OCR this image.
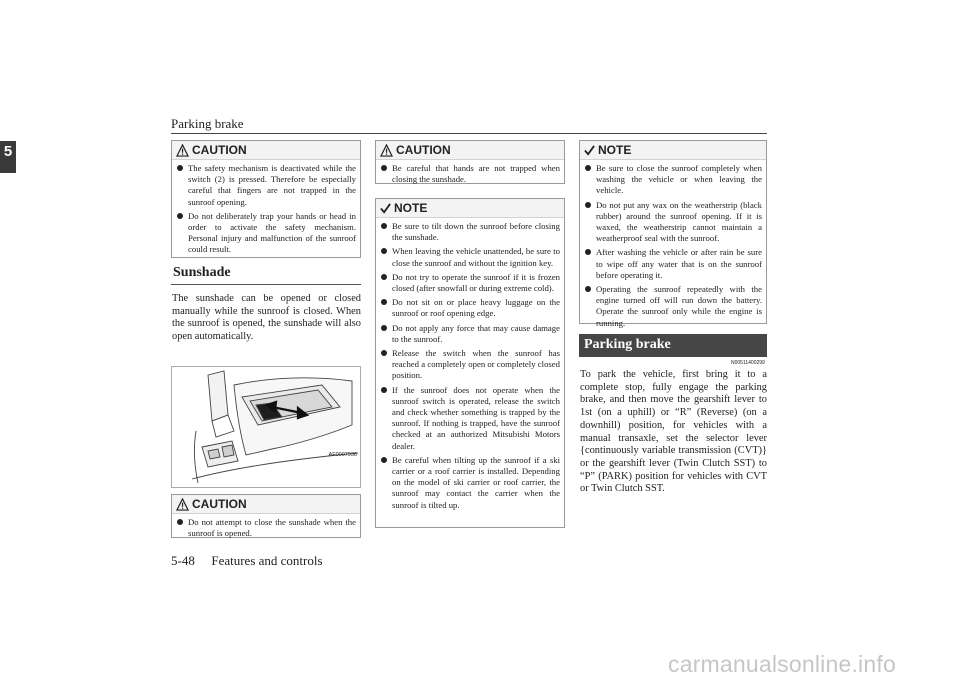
Parking brake
5	CAUTION
The safety mechanism is deactivated while the switch (2) is pressed. Therefore be especially careful that fingers are not trapped in the sunroof opening.
Do not deliberately trap your hands or head in order to activate the safety mechanism. Personal injury and malfunction of the sunroof could result.
Sunshade
The sunshade can be opened or closed manually while the sunroof is closed. When the sunroof is opened, the sunshade will also open automatically.
AF0007936
CAUTION
Do not attempt to close the sunshade when the sunroof is opened.
CAUTION
Be careful that hands are not trapped when closing the sunshade.
NOTE
Be sure to tilt down the sunroof before closing the sunshade.
When leaving the vehicle unattended, be sure to close the sunroof and without the ignition key.
Do not try to operate the sunroof if it is frozen closed (after snowfall or during extreme cold).
Do not sit on or place heavy luggage on the sunroof or roof opening edge.
Do not apply any force that may cause damage to the sunroof.
Release the switch when the sunroof has reached a completely open or completely closed position.
If the sunroof does not operate when the sunroof switch is operated, release the switch and check whether something is trapped by the sunroof. If nothing is trapped, have the sunroof checked at an authorized Mitsubishi Motors dealer.
Be careful when tilting up the sunroof if a ski carrier or a roof carrier is installed. Depending on the model of ski carrier or roof carrier, the sunroof may contact the carrier when the sunroof is tilted up.
NOTE
Be sure to close the sunroof completely when washing the vehicle or when leaving the vehicle.
Do not put any wax on the weatherstrip (black rubber) around the sunroof opening. If it is waxed, the weatherstrip cannot maintain a weatherproof seal with the sunroof.
After washing the vehicle or after rain be sure to wipe off any water that is on the sunroof before operating it.
Operating the sunroof repeatedly with the engine turned off will run down the battery. Operate the sunroof only while the engine is running.
Parking brake
N00511400299
To park the vehicle, first bring it to a complete stop, fully engage the parking brake, and then move the gearshift lever to 1st (on a uphill) or “R” (Reverse) (on a downhill) position, for vehicles with a manual transaxle, set the selector lever {continuously variable transmission (CVT)} or the gearshift lever (Twin Clutch SST) to “P” (PARK) position for vehicles with CVT or Twin Clutch SST.
5-48 Features and controls
carmanualsonline.info
